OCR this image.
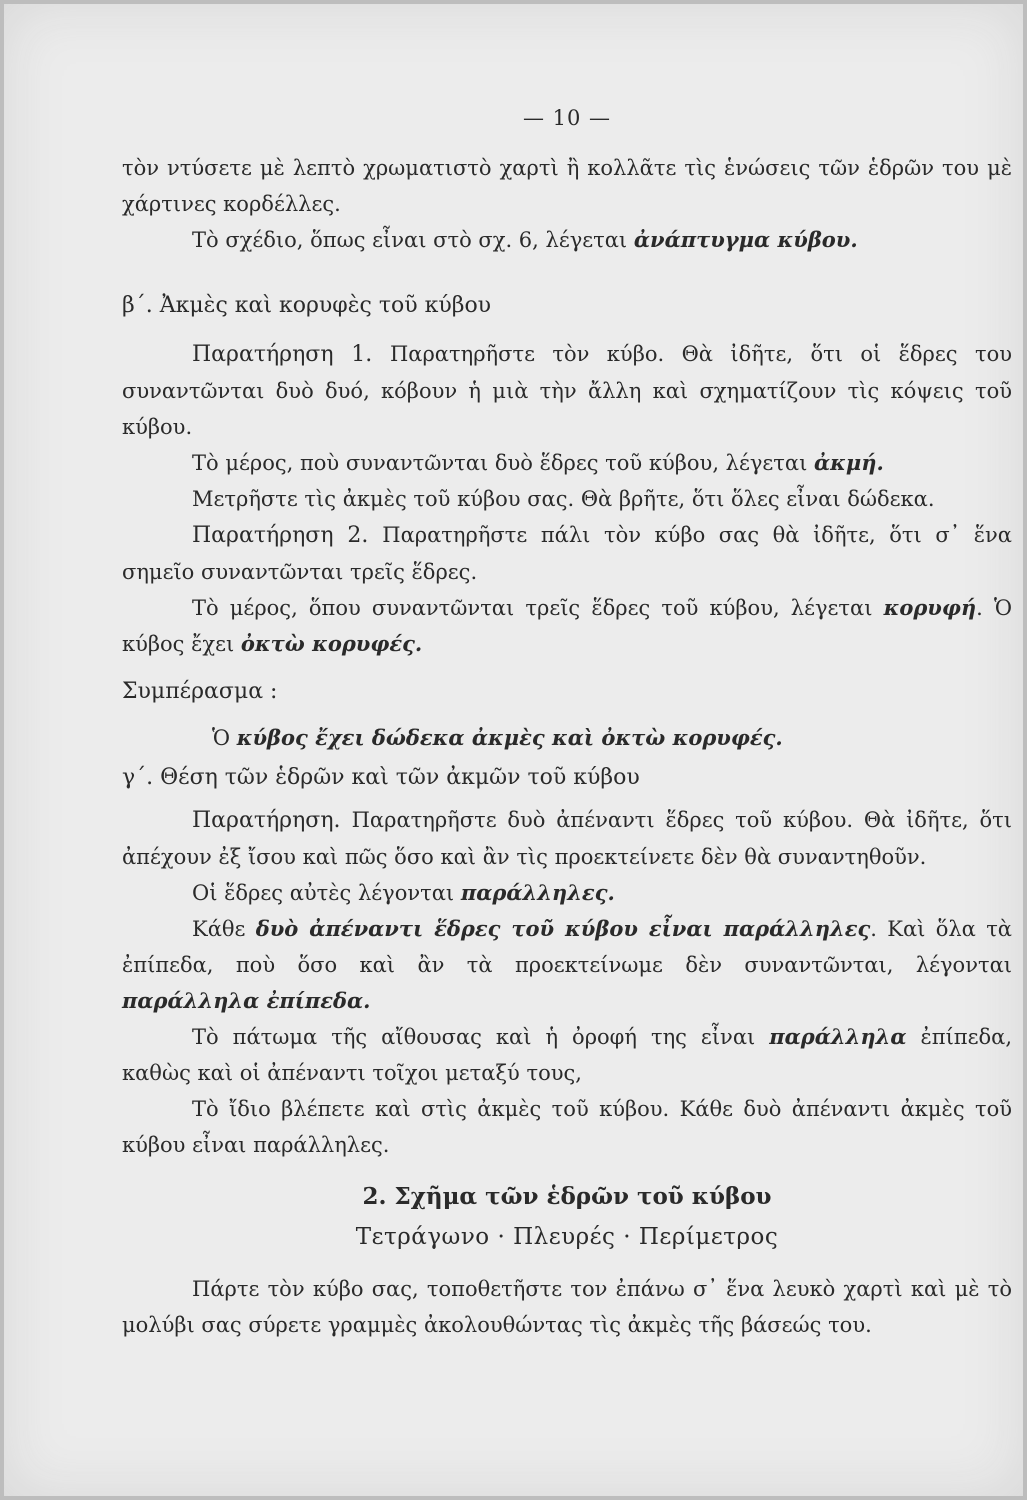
— 10 —

τὸν ντύσετε μὲ λεπτὸ χρωματιστὸ χαρτὶ ἢ κολλᾶτε τὶς ἑνώσεις τῶν ἑδρῶν του μὲ χάρτινες κορδέλλες.

Τὸ σχέδιο, ὅπως εἶναι στὸ σχ. 6, λέγεται ἀνάπτυγμα κύβου.

β΄. Ἀκμὲς καὶ κορυφὲς τοῦ κύβου

Παρατήρηση 1. Παρατηρῆστε τὸν κύβο. Θὰ ἰδῆτε, ὅτι οἱ ἕδρες του συναντῶνται δυὸ δυό, κόβουν ἡ μιὰ τὴν ἄλλη καὶ σχηματίζουν τὶς κόψεις τοῦ κύβου.

Τὸ μέρος, ποὺ συναντῶνται δυὸ ἕδρες τοῦ κύβου, λέγεται ἀκμή.

Μετρῆστε τὶς ἀκμὲς τοῦ κύβου σας. Θὰ βρῆτε, ὅτι ὅλες εἶναι δώδεκα.

Παρατήρηση 2. Παρατηρῆστε πάλι τὸν κύβο σας θὰ ἰδῆτε, ὅτι σ᾿ ἕνα σημεῖο συναντῶνται τρεῖς ἕδρες.

Τὸ μέρος, ὅπου συναντῶνται τρεῖς ἕδρες τοῦ κύβου, λέγεται κορυφή. Ὁ κύβος ἔχει ὀκτὼ κορυφές.

Συμπέρασμα :

Ὁ κύβος ἔχει δώδεκα ἀκμὲς καὶ ὀκτὼ κορυφές.

γ΄. Θέση τῶν ἑδρῶν καὶ τῶν ἀκμῶν τοῦ κύβου

Παρατήρηση. Παρατηρῆστε δυὸ ἀπέναντι ἕδρες τοῦ κύβου. Θὰ ἰδῆτε, ὅτι ἀπέχουν ἐξ ἴσου καὶ πῶς ὅσο καὶ ἂν τὶς προεκτείνετε δὲν θὰ συναντηθοῦν.

Οἱ ἕδρες αὐτὲς λέγονται παράλληλες.

Κάθε δυὸ ἀπέναντι ἕδρες τοῦ κύβου εἶναι παράλληλες. Καὶ ὅλα τὰ ἐπίπεδα, ποὺ ὅσο καὶ ἂν τὰ προεκτείνωμε δὲν συναντῶνται, λέγονται παράλληλα ἐπίπεδα.

Τὸ πάτωμα τῆς αἴθουσας καὶ ἡ ὀροφή της εἶναι παράλληλα ἐπίπεδα, καθὼς καὶ οἱ ἀπέναντι τοῖχοι μεταξύ τους,

Τὸ ἴδιο βλέπετε καὶ στὶς ἀκμὲς τοῦ κύβου. Κάθε δυὸ ἀπέναντι ἀκμὲς τοῦ κύβου εἶναι παράλληλες.

2. Σχῆμα τῶν ἑδρῶν τοῦ κύβου
Τετράγωνο · Πλευρές · Περίμετρος

Πάρτε τὸν κύβο σας, τοποθετῆστε τον ἐπάνω σ᾿ ἕνα λευκὸ χαρτὶ καὶ μὲ τὸ μολύβι σας σύρετε γραμμὲς ἀκολουθώντας τὶς ἀκμὲς τῆς βάσεώς του.
